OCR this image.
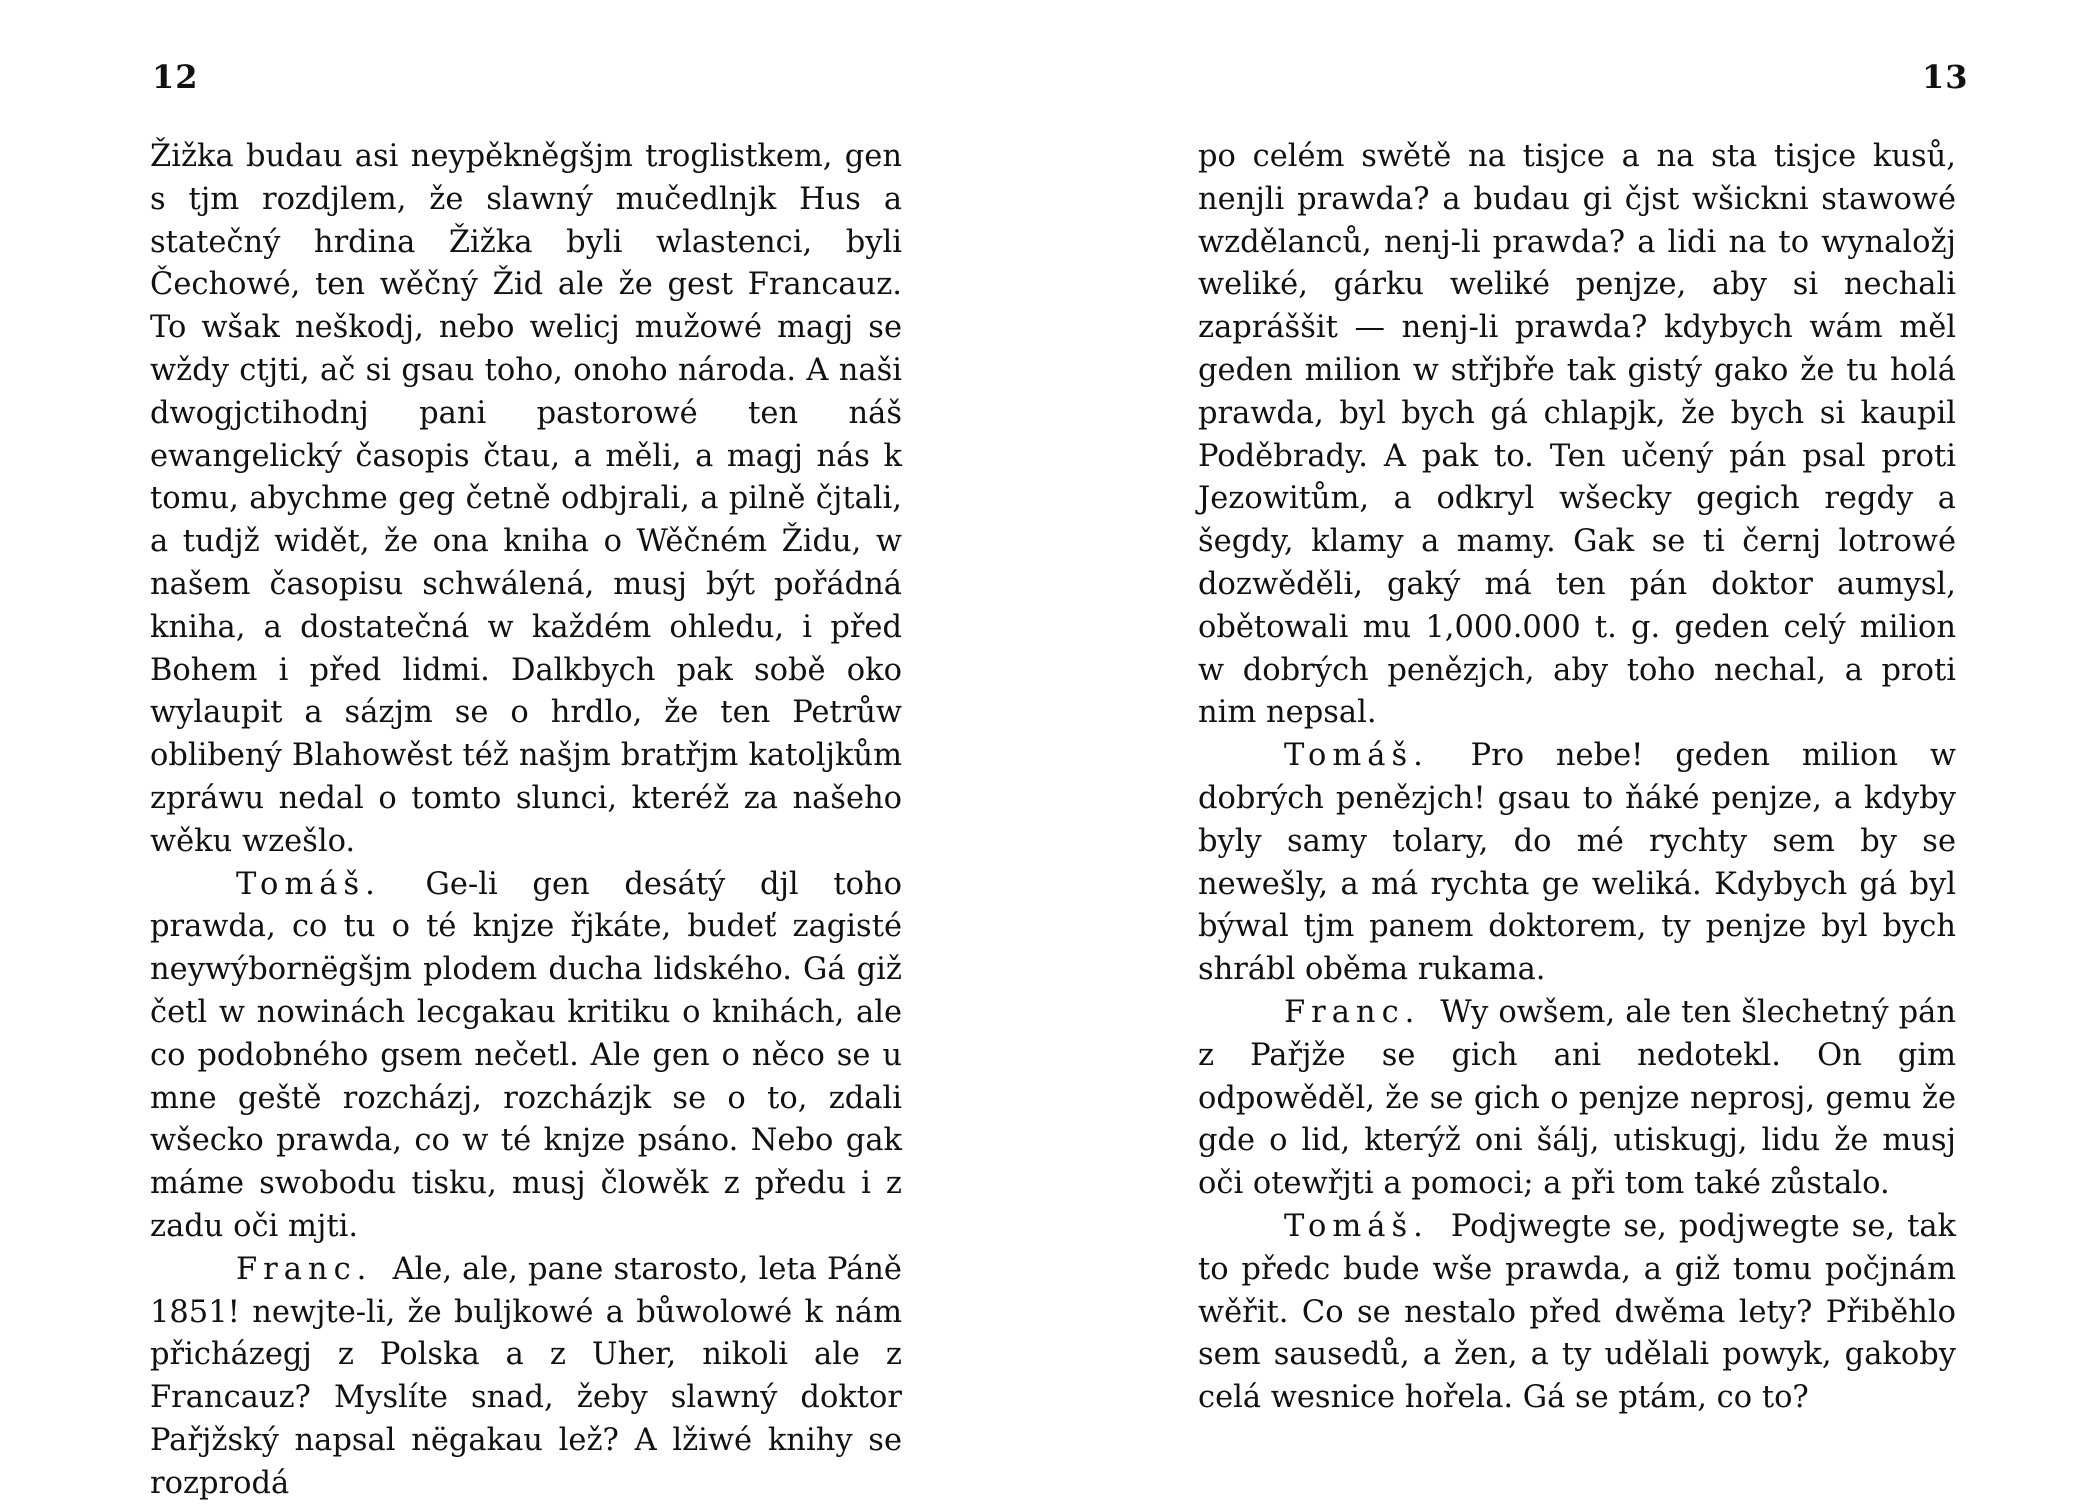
12

Žižka budau asi neypěkněgšjm troglistkem, gen s tjm rozdjlem, že slawný mučedlnjk Hus a statečný hrdina Žižka byli wlastenci, byli Čechowé, ten wěčný Žid ale že gest Francauz. To wšak neškodj, nebo welicj mužowé magj se wždy ctjti, ač si gsau toho, onoho národa. A naši dwogjctihodnj pani pastorowé ten náš ewangelický časopis čtau, a měli, a magj nás k tomu, abychme geg četně odbjrali, a pilně čjtali, a tudjž widět, že ona kniha o Wěčném Židu, w našem časopisu schwálená, musj být pořádná kniha, a dostatečná w každém ohledu, i před Bohem i před lidmi. Dalkbych pak sobě oko wylaupit a sázjm se o hrdlo, že ten Petrůw oblibený Blahowěst též našjm bratřjm katoljkům zpráwu nedal o tomto slunci, kteréž za našeho wěku wzešlo.

Tomáš. Ge-li gen desátý djl toho prawda, co tu o té knjze řjkáte, budeť zagisté neywýbornëgšjm plodem ducha lidského. Gá giž četl w nowinách lecgakau kritiku o knihách, ale co podobného gsem nečetl. Ale gen o něco se u mne geště rozcházj, rozcházjk se o to, zdali wšecko prawda, co w té knjze psáno. Nebo gak máme swobodu tisku, musj člowěk z předu i z zadu oči mjti.

Franc. Ale, ale, pane starosto, leta Páně 1851! newjte-li, že buljkowé a bůwolowé k nám přicházegj z Polska a z Uher, nikoli ale z Francauz? Myslíte snad, žeby slawný doktor Pařjžský napsal nëgakau lež? A lžiwé knihy se rozprodá

13

po celém swětě na tisjce a na sta tisjce kusů, nenjli prawda? a budau gi čjst wšickni stawowé wzdělanců, nenj-li prawda? a lidi na to wynaložj weliké, gárku weliké penjze, aby si nechali zapráššit — nenj-li prawda? kdybych wám měl geden milion w střjbře tak gistý gako že tu holá prawda, byl bych gá chlapjk, že bych si kaupil Poděbrady. A pak to. Ten učený pán psal proti Jezowitům, a odkryl wšecky gegich regdy a šegdy, klamy a mamy. Gak se ti černj lotrowé dozwěděli, gaký má ten pán doktor aumysl, obětowali mu 1,000.000 t. g. geden celý milion w dobrých penězjch, aby toho nechal, a proti nim nepsal.

Tomáš. Pro nebe! geden milion w dobrých penězjch! gsau to ňáké penjze, a kdyby byly samy tolary, do mé rychty sem by se newešly, a má rychta ge weliká. Kdybych gá byl býwal tjm panem doktorem, ty penjze byl bych shrábl oběma rukama.

Franc. Wy owšem, ale ten šlechetný pán z Pařjže se gich ani nedotekl. On gim odpowěděl, že se gich o penjze neprosj, gemu že gde o lid, kterýž oni šálj, utiskugj, lidu že musj oči otewřjti a pomoci; a při tom také zůstalo.

Tomáš. Podjwegte se, podjwegte se, tak to předc bude wše prawda, a giž tomu počjnám wěřit. Co se nestalo před dwěma lety? Přiběhlo sem sausedů, a žen, a ty udělali powyk, gakoby celá wesnice hořela. Gá se ptám, co to?
